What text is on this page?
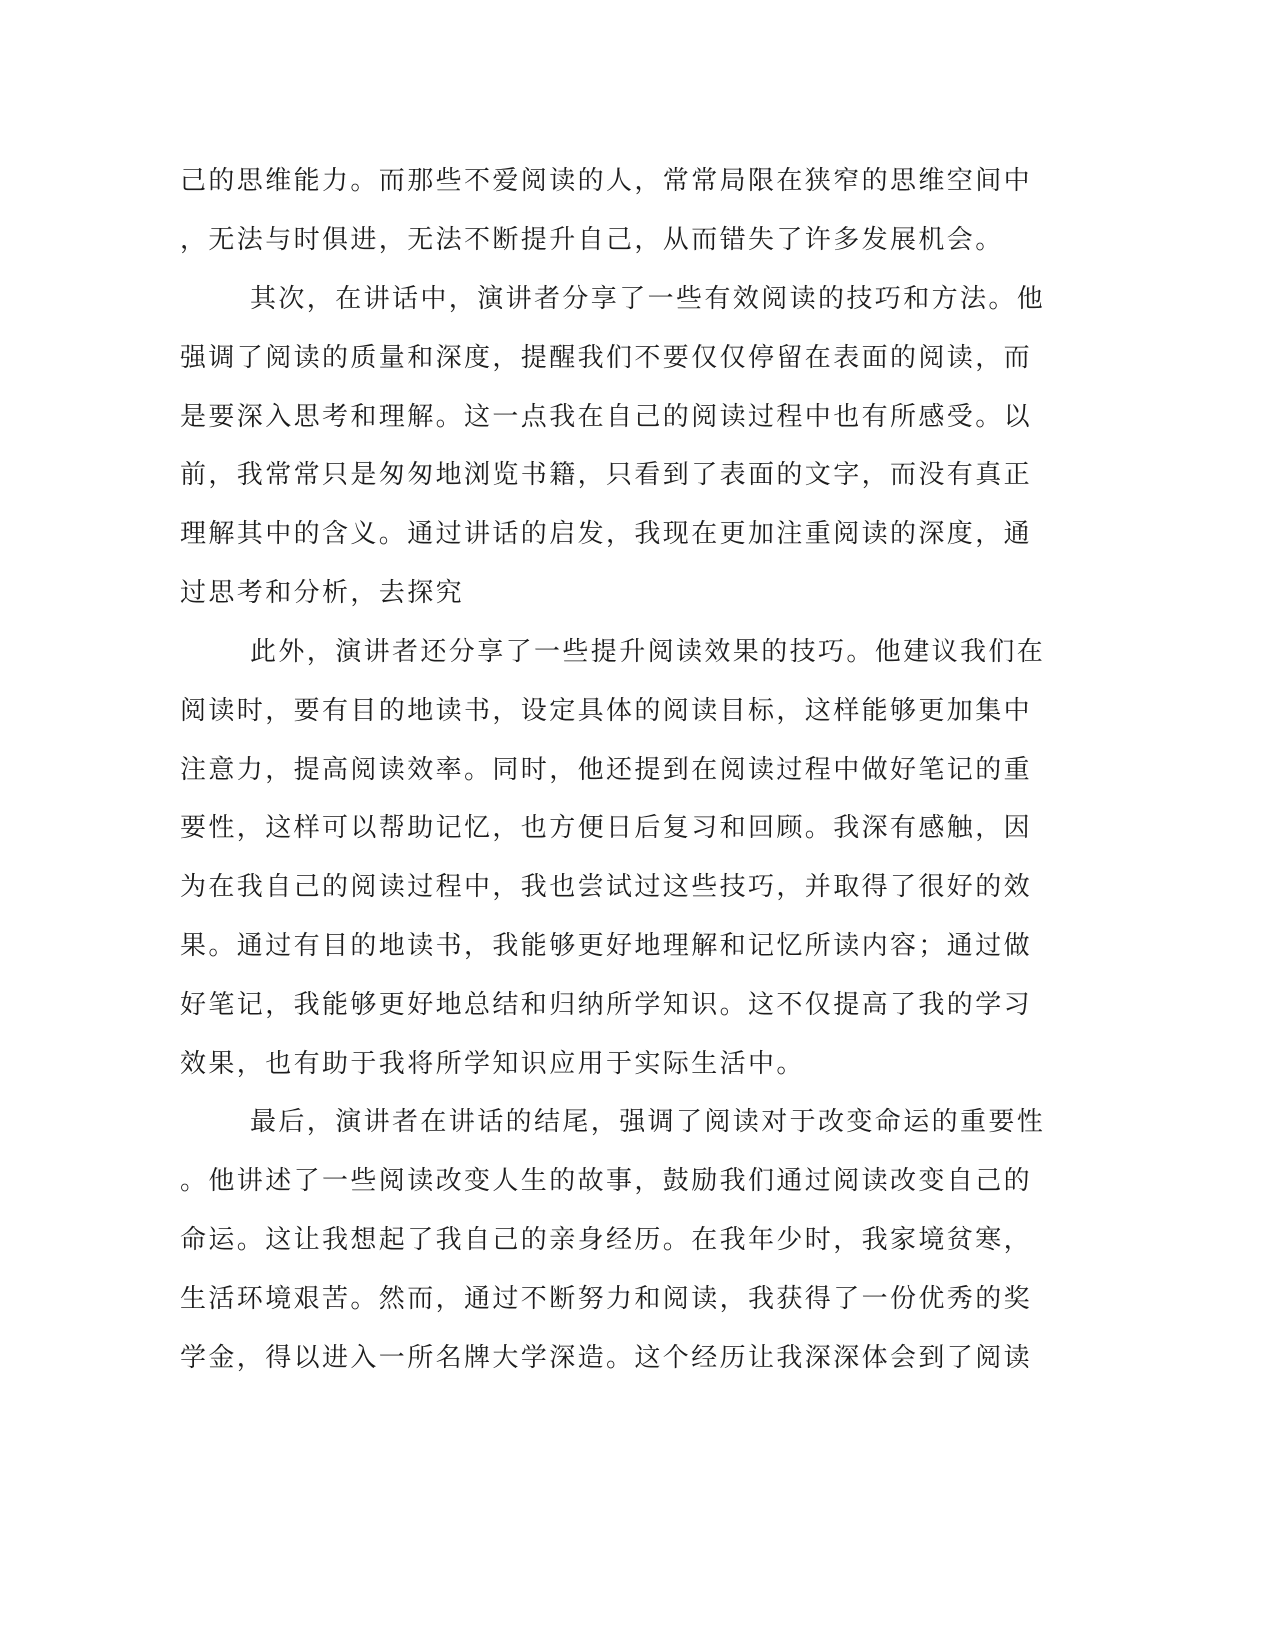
己的思维能力。而那些不爱阅读的人，常常局限在狭窄的思维空间中
，无法与时俱进，无法不断提升自己，从而错失了许多发展机会。
其次，在讲话中，演讲者分享了一些有效阅读的技巧和方法。他
强调了阅读的质量和深度，提醒我们不要仅仅停留在表面的阅读，而
是要深入思考和理解。这一点我在自己的阅读过程中也有所感受。以
前，我常常只是匆匆地浏览书籍，只看到了表面的文字，而没有真正
理解其中的含义。通过讲话的启发，我现在更加注重阅读的深度，通
过思考和分析，去探究
此外，演讲者还分享了一些提升阅读效果的技巧。他建议我们在
阅读时，要有目的地读书，设定具体的阅读目标，这样能够更加集中
注意力，提高阅读效率。同时，他还提到在阅读过程中做好笔记的重
要性，这样可以帮助记忆，也方便日后复习和回顾。我深有感触，因
为在我自己的阅读过程中，我也尝试过这些技巧，并取得了很好的效
果。通过有目的地读书，我能够更好地理解和记忆所读内容；通过做
好笔记，我能够更好地总结和归纳所学知识。这不仅提高了我的学习
效果，也有助于我将所学知识应用于实际生活中。
最后，演讲者在讲话的结尾，强调了阅读对于改变命运的重要性
。他讲述了一些阅读改变人生的故事，鼓励我们通过阅读改变自己的
命运。这让我想起了我自己的亲身经历。在我年少时，我家境贫寒，
生活环境艰苦。然而，通过不断努力和阅读，我获得了一份优秀的奖
学金，得以进入一所名牌大学深造。这个经历让我深深体会到了阅读
